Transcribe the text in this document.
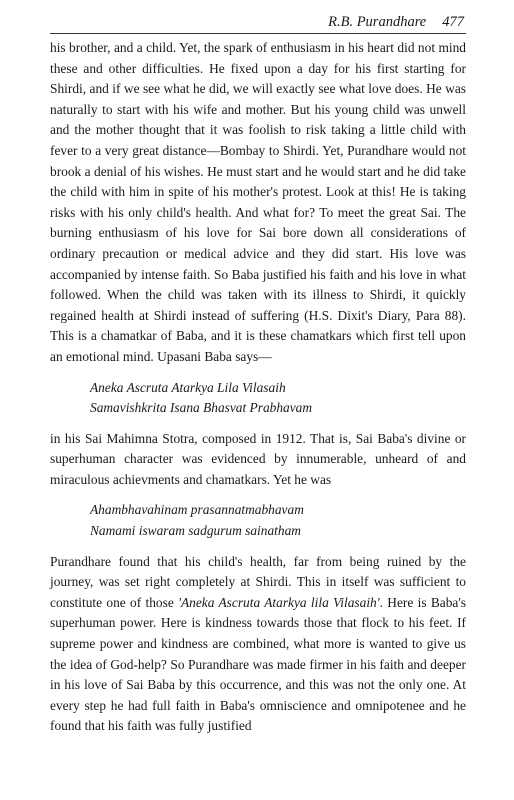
R.B. Purandhare 477

his brother, and a child. Yet, the spark of enthusiasm in his heart did not mind these and other difficulties. He fixed upon a day for his first starting for Shirdi, and if we see what he did, we will exactly see what love does. He was naturally to start with his wife and mother. But his young child was unwell and the mother thought that it was foolish to risk taking a little child with fever to a very great distance—Bombay to Shirdi. Yet, Purandhare would not brook a denial of his wishes. He must start and he would start and he did take the child with him in spite of his mother's protest. Look at this! He is taking risks with his only child's health. And what for? To meet the great Sai. The burning enthusiasm of his love for Sai bore down all considerations of ordinary precaution or medical advice and they did start. His love was accompanied by intense faith. So Baba justified his faith and his love in what followed. When the child was taken with its illness to Shirdi, it quickly regained health at Shirdi instead of suffering (H.S. Dixit's Diary, Para 88). This is a chamatkar of Baba, and it is these chamatkars which first tell upon an emotional mind. Upasani Baba says—

Aneka Ascruta Atarkya Lila Vilasaih
Samavishkrita Isana Bhasvat Prabhavam

in his Sai Mahimna Stotra, composed in 1912. That is, Sai Baba's divine or superhuman character was evidenced by innumerable, unheard of and miraculous achievments and chamatkars. Yet he was

Ahambhavahinam prasannatmabhavam
Namami iswaram sadgurum sainatham

Purandhare found that his child's health, far from being ruined by the journey, was set right completely at Shirdi. This in itself was sufficient to constitute one of those 'Aneka Ascruta Atarkya lila Vilasaih'. Here is Baba's superhuman power. Here is kindness towards those that flock to his feet. If supreme power and kindness are combined, what more is wanted to give us the idea of God-help? So Purandhare was made firmer in his faith and deeper in his love of Sai Baba by this occurrence, and this was not the only one. At every step he had full faith in Baba's omniscience and omnipotenee and he found that his faith was fully justified
